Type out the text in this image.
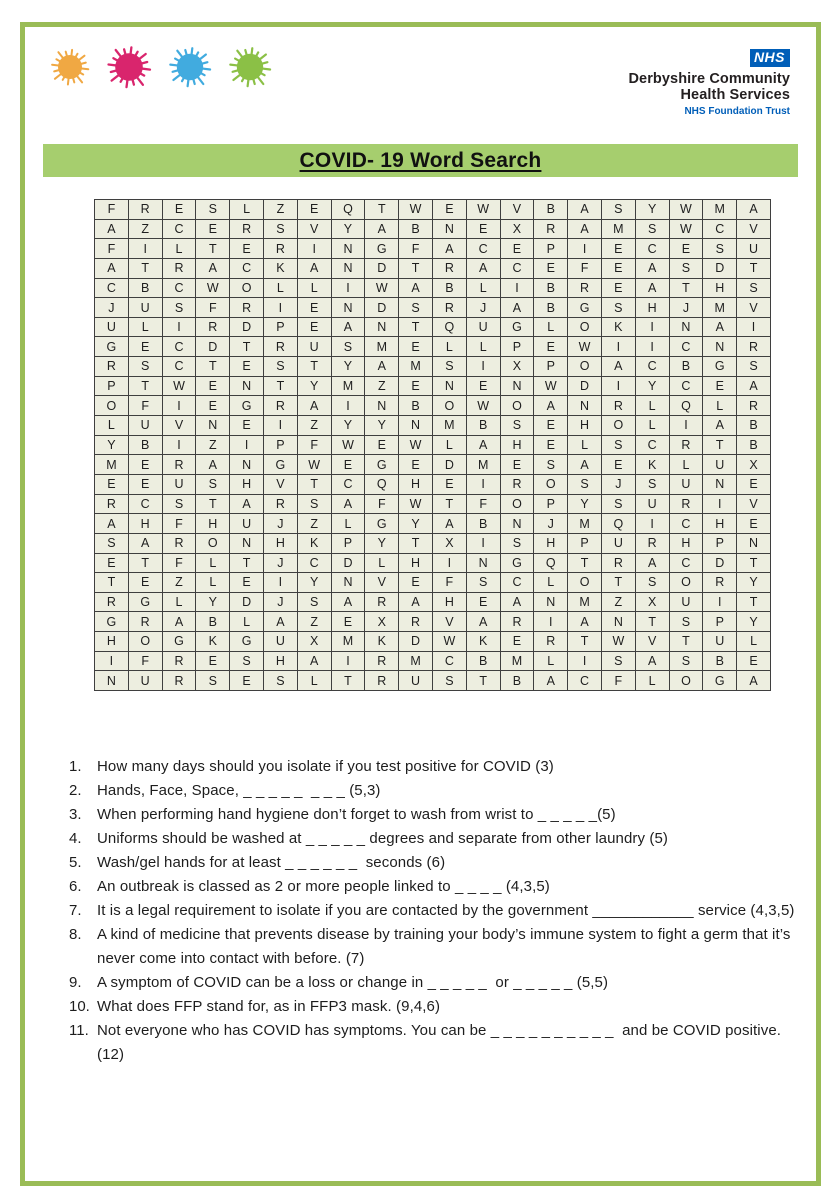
NHS
Derbyshire Community
Health Services
NHS Foundation Trust
COVID- 19 Word Search
F	R	E	S	L	Z	E	Q	T	W	E	W	V	B	A	S	Y	W	M	A
A	Z	C	E	R	S	V	Y	A	B	N	E	X	R	A	M	S	W	C	V
F	I	L	T	E	R	I	N	G	F	A	C	E	P	I	E	C	E	S	U
A	T	R	A	C	K	A	N	D	T	R	A	C	E	F	E	A	S	D	T
C	B	C	W	O	L	L	I	W	A	B	L	I	B	R	E	A	T	H	S
J	U	S	F	R	I	E	N	D	S	R	J	A	B	G	S	H	J	M	V
U	L	I	R	D	P	E	A	N	T	Q	U	G	L	O	K	I	N	A	I
G	E	C	D	T	R	U	S	M	E	L	L	P	E	W	I	I	C	N	R
R	S	C	T	E	S	T	Y	A	M	S	I	X	P	O	A	C	B	G	S
P	T	W	E	N	T	Y	M	Z	E	N	E	N	W	D	I	Y	C	E	A
O	F	I	E	G	R	A	I	N	B	O	W	O	A	N	R	L	Q	L	R
L	U	V	N	E	I	Z	Y	Y	N	M	B	S	E	H	O	L	I	A	B
Y	B	I	Z	I	P	F	W	E	W	L	A	H	E	L	S	C	R	T	B
M	E	R	A	N	G	W	E	G	E	D	M	E	S	A	E	K	L	U	X
E	E	U	S	H	V	T	C	Q	H	E	I	R	O	S	J	S	U	N	E
R	C	S	T	A	R	S	A	F	W	T	F	O	P	Y	S	U	R	I	V
A	H	F	H	U	J	Z	L	G	Y	A	B	N	J	M	Q	I	C	H	E
S	A	R	O	N	H	K	P	Y	T	X	I	S	H	P	U	R	H	P	N
E	T	F	L	T	J	C	D	L	H	I	N	G	Q	T	R	A	C	D	T
T	E	Z	L	E	I	Y	N	V	E	F	S	C	L	O	T	S	O	R	Y
R	G	L	Y	D	J	S	A	R	A	H	E	A	N	M	Z	X	U	I	T
G	R	A	B	L	A	Z	E	X	R	V	A	R	I	A	N	T	S	P	Y
H	O	G	K	G	U	X	M	K	D	W	K	E	R	T	W	V	T	U	L
I	F	R	E	S	H	A	I	R	M	C	B	M	L	I	S	A	S	B	E
N	U	R	S	E	S	L	T	R	U	S	T	B	A	C	F	L	O	G	A
1.	How many days should you isolate if you test positive for COVID (3)
2.	Hands, Face, Space, _ _ _ _ _  _ _ _ (5,3)
3.	When performing hand hygiene don’t forget to wash from wrist to _ _ _ _ _(5)
4.	Uniforms should be washed at _ _ _ _ _ degrees and separate from other laundry (5)
5.	Wash/gel hands for at least _ _ _ _ _ _  seconds (6)
6.	An outbreak is classed as 2 or more people linked to _ _ _ _ (4,3,5)
7.	It is a legal requirement to isolate if you are contacted by the government ____________ service (4,3,5)
8.	A kind of medicine that prevents disease by training your body’s immune system to fight a germ that it’s never come into contact with before. (7)
9.	A symptom of COVID can be a loss or change in _ _ _ _ _  or _ _ _ _ _ (5,5)
10. What does FFP stand for, as in FFP3 mask. (9,4,6)
11. Not everyone who has COVID has symptoms. You can be _ _ _ _ _ _ _ _ _ _  and be COVID positive.(12)
